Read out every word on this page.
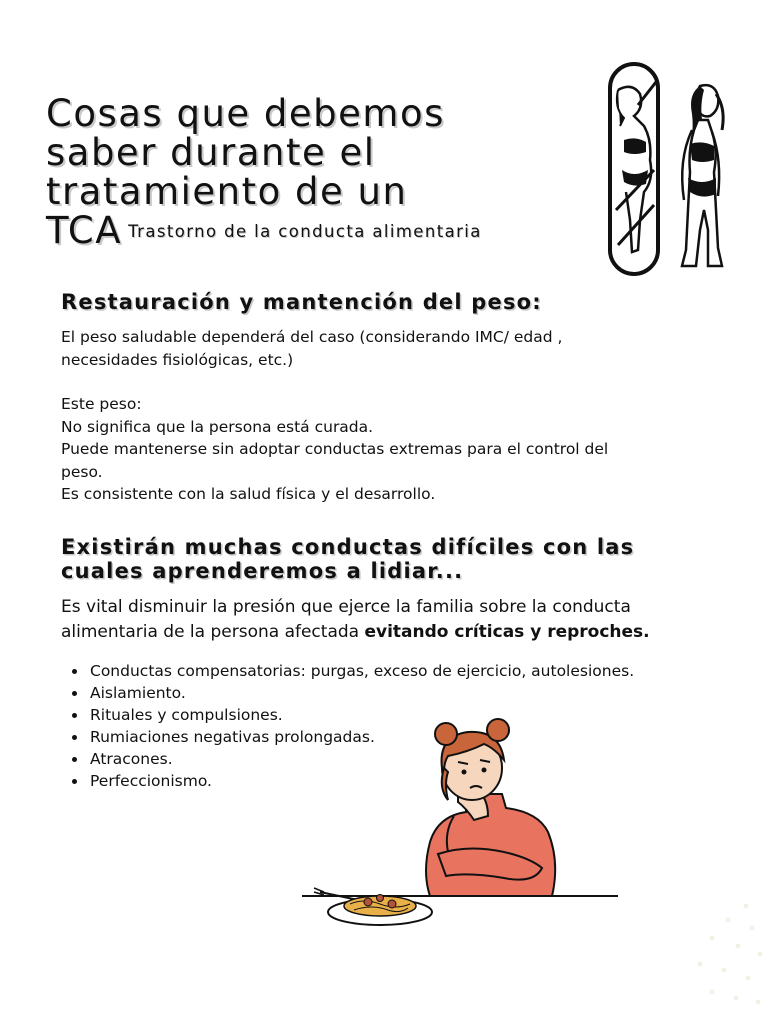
Cosas que debemos
saber durante el
tratamiento de un
TCA Trastorno de la conducta alimentaria
Restauración y mantención del peso:

El peso saludable dependerá del caso (considerando IMC/ edad ,

necesidades fisiológicas, etc.)

Este peso:

No significa que la persona está curada.

Puede mantenerse sin adoptar conductas extremas para el control del

peso.

Es consistente con la salud física y el desarrollo.

Existirán muchas conductas difíciles con las
cuales aprenderemos a lidiar...

Es vital disminuir la presión que ejerce la familia sobre la conducta

alimentaria de la persona afectada evitando críticas y reproches.

Conductas compensatorias: purgas, exceso de ejercicio, autolesiones.
Aislamiento.
Rituales y compulsiones.
Rumiaciones negativas prolongadas.
Atracones.
Perfeccionismo.
